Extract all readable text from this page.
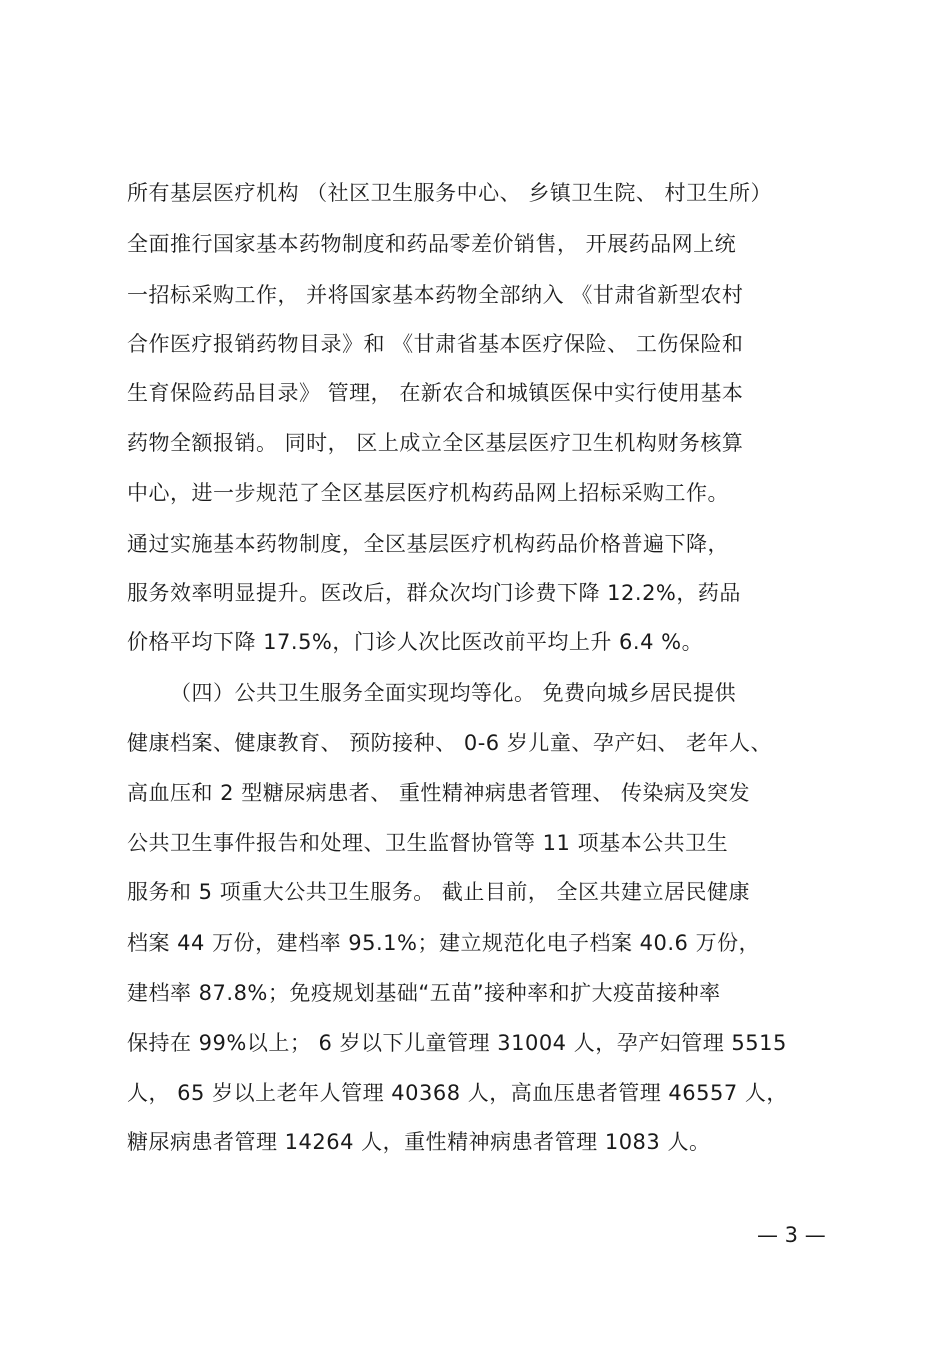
所有基层医疗机构 （社区卫生服务中心、 乡镇卫生院、 村卫生所）
全面推行国家基本药物制度和药品零差价销售， 开展药品网上统
一招标采购工作， 并将国家基本药物全部纳入 《甘肃省新型农村
合作医疗报销药物目录》和 《甘肃省基本医疗保险、 工伤保险和
生育保险药品目录》 管理， 在新农合和城镇医保中实行使用基本
药物全额报销。 同时， 区上成立全区基层医疗卫生机构财务核算
中心，进一步规范了全区基层医疗机构药品网上招标采购工作。
通过实施基本药物制度，全区基层医疗机构药品价格普遍下降，
服务效率明显提升。医改后，群众次均门诊费下降 12.2%，药品
价格平均下降 17.5%，门诊人次比医改前平均上升 6.4 %。
（四）公共卫生服务全面实现均等化。 免费向城乡居民提供
健康档案、健康教育、 预防接种、 0-6 岁儿童、孕产妇、 老年人、
高血压和 2 型糖尿病患者、 重性精神病患者管理、 传染病及突发
公共卫生事件报告和处理、卫生监督协管等 11 项基本公共卫生
服务和 5 项重大公共卫生服务。 截止目前， 全区共建立居民健康
档案 44 万份，建档率 95.1%；建立规范化电子档案 40.6 万份，
建档率 87.8%；免疫规划基础“五苗”接种率和扩大疫苗接种率
保持在 99%以上； 6 岁以下儿童管理 31004 人，孕产妇管理 5515
人， 65 岁以上老年人管理 40368 人，高血压患者管理 46557 人，
糖尿病患者管理 14264 人，重性精神病患者管理 1083 人。
— 3 —
